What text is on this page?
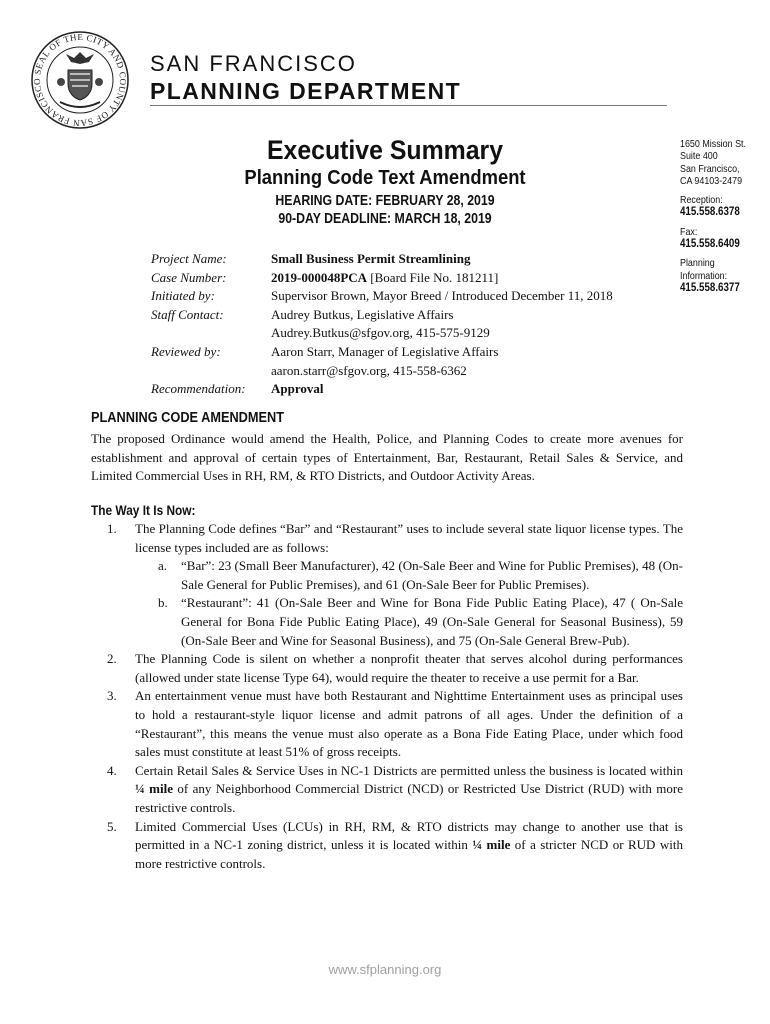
SEAL OF THE CITY AND COUNTY OF SAN FRANCISCO
SAN FRANCISCO
PLANNING DEPARTMENT
Executive Summary
Planning Code Text Amendment
HEARING DATE: FEBRUARY 28, 2019
90-DAY DEADLINE: MARCH 18, 2019
1650 Mission St.
Suite 400
San Francisco,
CA 94103-2479
Reception:
415.558.6378
Fax:
415.558.6409
Planning
Information:
415.558.6377
Project Name:	Small Business Permit Streamlining
Case Number:	2019-000048PCA [Board File No. 181211]
Initiated by:	Supervisor Brown, Mayor Breed / Introduced December 11, 2018
Staff Contact:	Audrey Butkus, Legislative Affairs
Audrey.Butkus@sfgov.org, 415-575-9129
Reviewed by:	Aaron Starr, Manager of Legislative Affairs
aaron.starr@sfgov.org, 415-558-6362
Recommendation:	Approval
PLANNING CODE AMENDMENT
The proposed Ordinance would amend the Health, Police, and Planning Codes to create more avenues for establishment and approval of certain types of Entertainment, Bar, Restaurant, Retail Sales & Service, and Limited Commercial Uses in RH, RM, & RTO Districts, and Outdoor Activity Areas.
The Way It Is Now:
1.	The Planning Code defines “Bar” and “Restaurant” uses to include several state liquor license types. The license types included are as follows:
a.	“Bar”: 23 (Small Beer Manufacturer), 42 (On-Sale Beer and Wine for Public Premises), 48 (On-Sale General for Public Premises), and 61 (On-Sale Beer for Public Premises).
b.	“Restaurant”: 41 (On-Sale Beer and Wine for Bona Fide Public Eating Place), 47 ( On-Sale General for Bona Fide Public Eating Place), 49 (On-Sale General for Seasonal Business), 59 (On-Sale Beer and Wine for Seasonal Business), and 75 (On-Sale General Brew-Pub).
2.	The Planning Code is silent on whether a nonprofit theater that serves alcohol during performances (allowed under state license Type 64), would require the theater to receive a use permit for a Bar.
3.	An entertainment venue must have both Restaurant and Nighttime Entertainment uses as principal uses to hold a restaurant-style liquor license and admit patrons of all ages. Under the definition of a “Restaurant”, this means the venue must also operate as a Bona Fide Eating Place, under which food sales must constitute at least 51% of gross receipts.
4.	Certain Retail Sales & Service Uses in NC-1 Districts are permitted unless the business is located within ¼ mile of any Neighborhood Commercial District (NCD) or Restricted Use District (RUD) with more restrictive controls.
5.	Limited Commercial Uses (LCUs) in RH, RM, & RTO districts may change to another use that is permitted in a NC-1 zoning district, unless it is located within ¼ mile of a stricter NCD or RUD with more restrictive controls.
www.sfplanning.org
